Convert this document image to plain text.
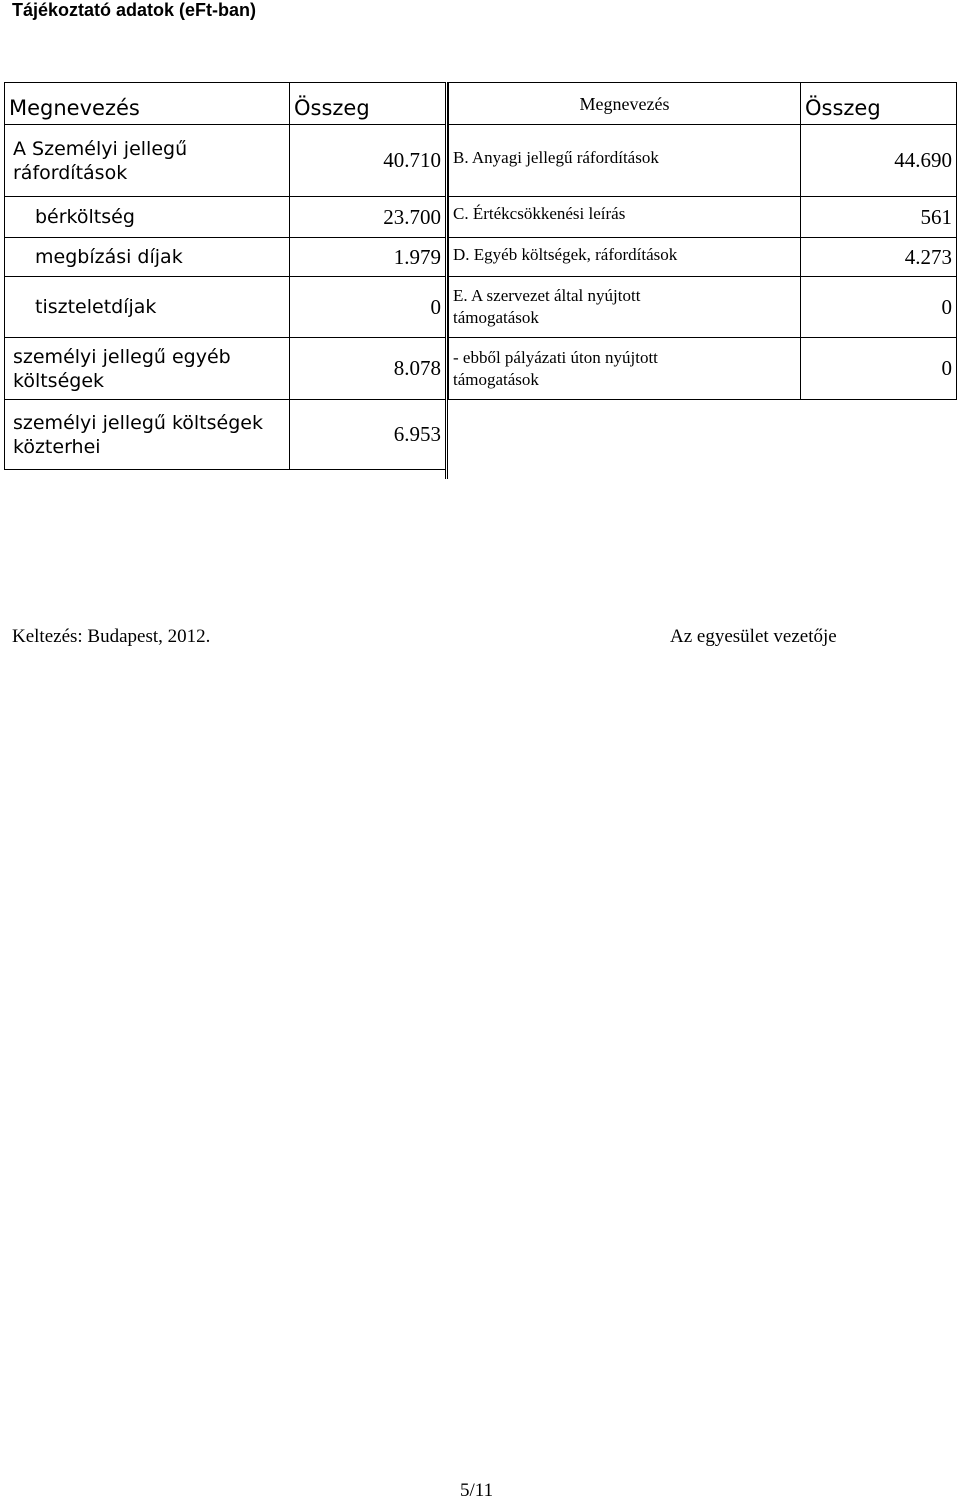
Tájékoztató adatok (eFt-ban)
Megnevezés	Összeg
A Személyi jellegű ráfordítások	40.710
bérköltség	23.700
megbízási díjak	1.979
tiszteletdíjak	0
személyi jellegű egyéb költségek	8.078
személyi jellegű költségek közterhei	6.953
Megnevezés	Összeg
B. Anyagi jellegű ráfordítások	44.690
C. Értékcsökkenési leírás	561
D. Egyéb költségek, ráfordítások	4.273
E. A szervezet által nyújtott támogatások	0
- ebből pályázati úton nyújtott támogatások	0
Keltezés: Budapest, 2012.	Az egyesület vezetője
5/11
